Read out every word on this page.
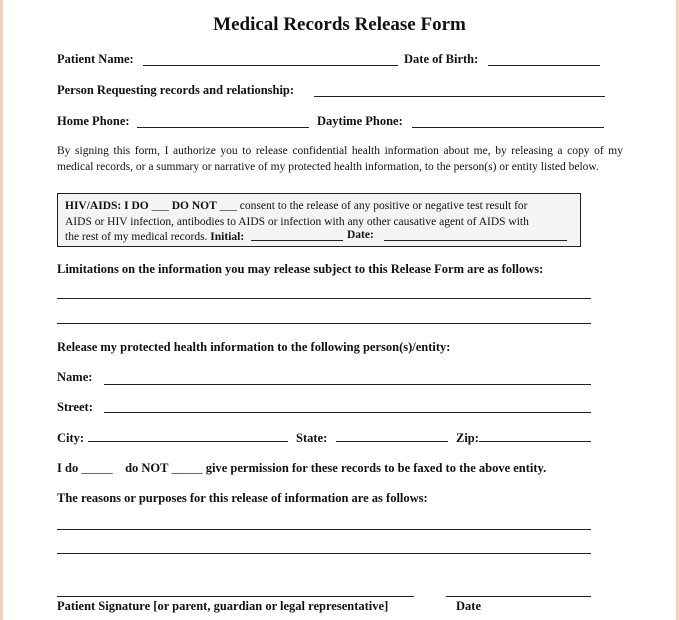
Medical Records Release Form
Patient Name:	Date of Birth:
Person Requesting records and relationship:
Home Phone:	Daytime Phone:
By signing this form, I authorize you to release confidential health information about me, by releasing a copy of my medical records, or a summary or narrative of my protected health information, to the person(s) or entity listed below.
HIV/AIDS: I DO ___ DO NOT ___ consent to the release of any positive or negative test result for
AIDS or HIV infection, antibodies to AIDS or infection with any other causative agent of AIDS with
the rest of my medical records. Initial:	Date:
Limitations on the information you may release subject to this Release Form are as follows:
Release my protected health information to the following person(s)/entity:
Name:
Street:
City:	State:	Zip:
I do _____ do NOT _____ give permission for these records to be faxed to the above entity.
The reasons or purposes for this release of information are as follows:
Patient Signature [or parent, guardian or legal representative]	Date
